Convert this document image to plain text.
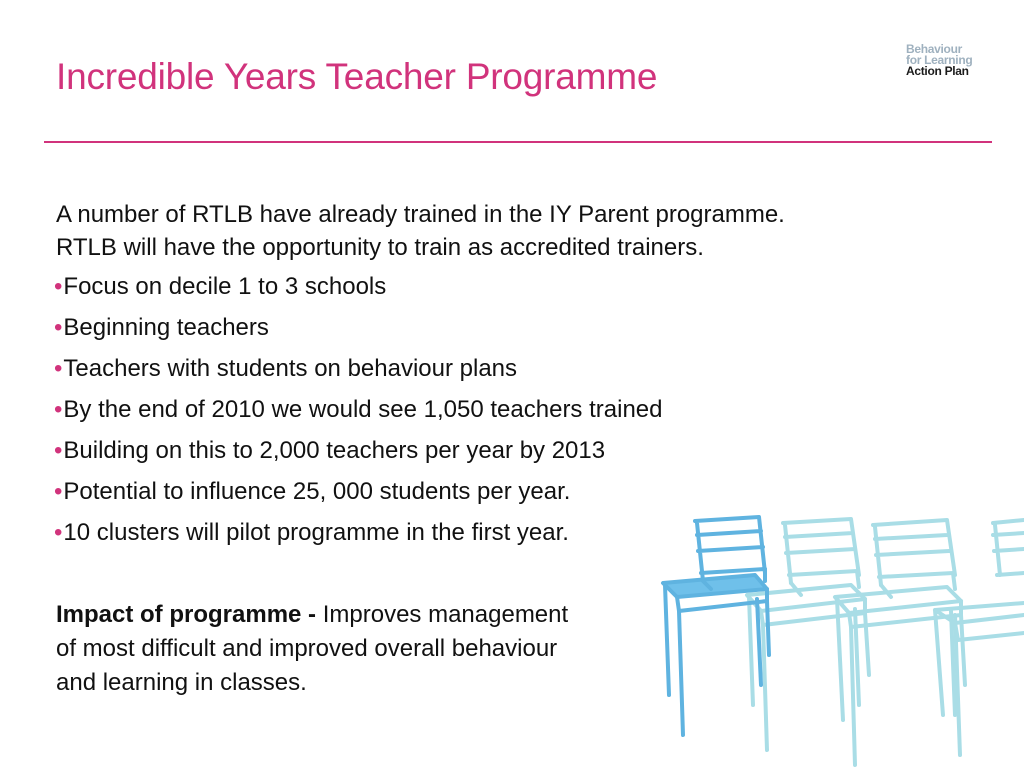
Incredible Years Teacher Programme
Behaviour
for Learning
Action Plan

A number of RTLB have already trained in the IY Parent programme.

RTLB will have the opportunity to train as accredited trainers.

•Focus on decile 1 to 3 schools
•Beginning teachers
•Teachers with students on behaviour plans
•By the end of 2010 we would see 1,050 teachers trained
•Building on this to 2,000 teachers per year by 2013
•Potential to influence 25, 000 students per year.
•10 clusters will pilot programme in the first year.
Impact of programme - Improves management
of most difficult and improved overall behaviour
and learning in classes.
